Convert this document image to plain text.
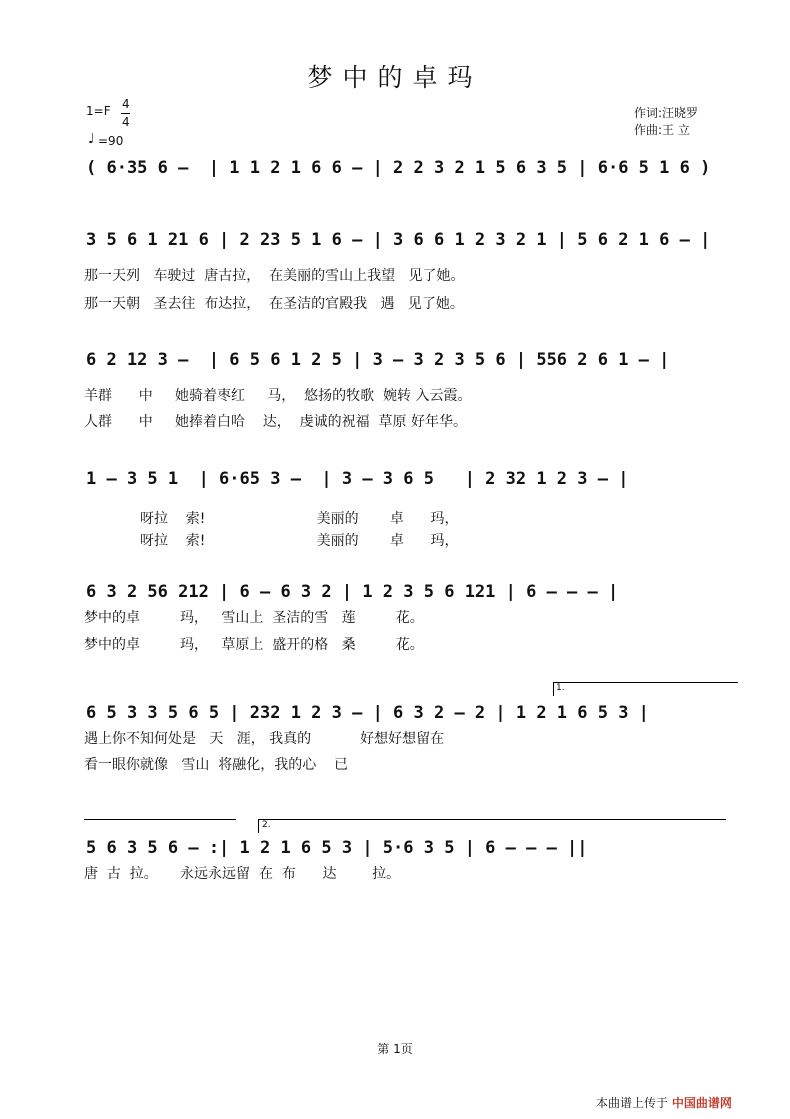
梦中的卓玛
1=F 4
4
♩ =90
作词:汪晓罗
作曲:王 立
( 6·35 6 –  | 1 1 2 1 6 6 – | 2 2 3 2 1 5 6 3 5 | 6·6 5 1 6 )
3 5 6 1 21 6 | 2 23 5 1 6 – | 3 6 6 1 2 3 2 1 | 5 6 2 1 6 – |
那一天列   车驶过  唐古拉，  在美丽的雪山上我望   见了她。
那一天朝   圣去往  布达拉，  在圣洁的官殿我   遇   见了她。
6 2 12 3 –  | 6 5 6 1 2 5 | 3 – 3 2 3 5 6 | 556 2 6 1 – |
羊群      中     她骑着枣红     马，  悠扬的牧歌  婉转 入云霞。
人群      中     她捧着白哈    达，  虔诚的祝福  草原 好年华。
1 – 3 5 1  | 6·65 3 –  | 3 – 3 6 5   | 2 32 1 2 3 – |
呀拉    索!                         美丽的       卓      玛，
呀拉    索!                         美丽的       卓      玛，
6 3 2 56 212 | 6 – 6 3 2 | 1 2 3 5 6 121 | 6 – – – |
梦中的卓         玛，   雪山上  圣洁的雪   莲         花。
梦中的卓         玛，   草原上  盛开的格   桑         花。
6 5 3 3 5 6 5 | 232 1 2 3 – | 6 3 2 – 2 | 1 2 1 6 5 3 |
遇上你不知何处是   天   涯， 我真的           好想好想留在
看一眼你就像   雪山  将融化，我的心    已
1.
5 6 3 5 6 – :| 1 2 1 6 5 3 | 5·6 3 5 | 6 – – – ||
唐  古  拉。     永远永远留  在  布      达        拉。
2.
第 1页
本曲谱上传于 中国曲谱网
